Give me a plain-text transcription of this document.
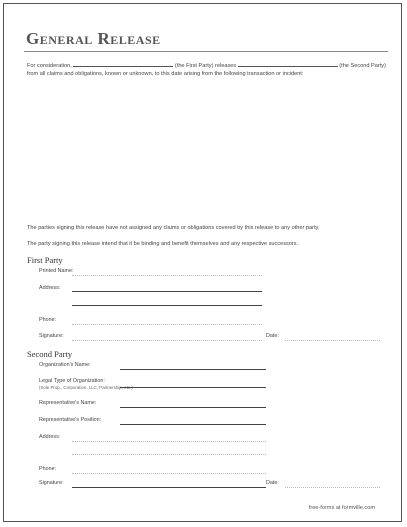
General Release
For consideration,	(the First Party) releases	(the Second Party) from all claims and obligations, known or unknown, to this date arising from the following transaction or incident:
The parties signing this release have not assigned any claims or obligations covered by this release to any other party.
The party signing this release intend that it be binding and benefit themselves and any respective successors.
First Party
Printed Name:
Address:
Phone:
Signature:	Date:
Second Party
Organization's Name:
Legal Type of Organization:
(Sole Prop., Corporation, LLC, Partnership, etc.)
Representative's Name:
Representative's Position:
Address:
Phone:
Signature:	Date:
free-forms at formville.com
